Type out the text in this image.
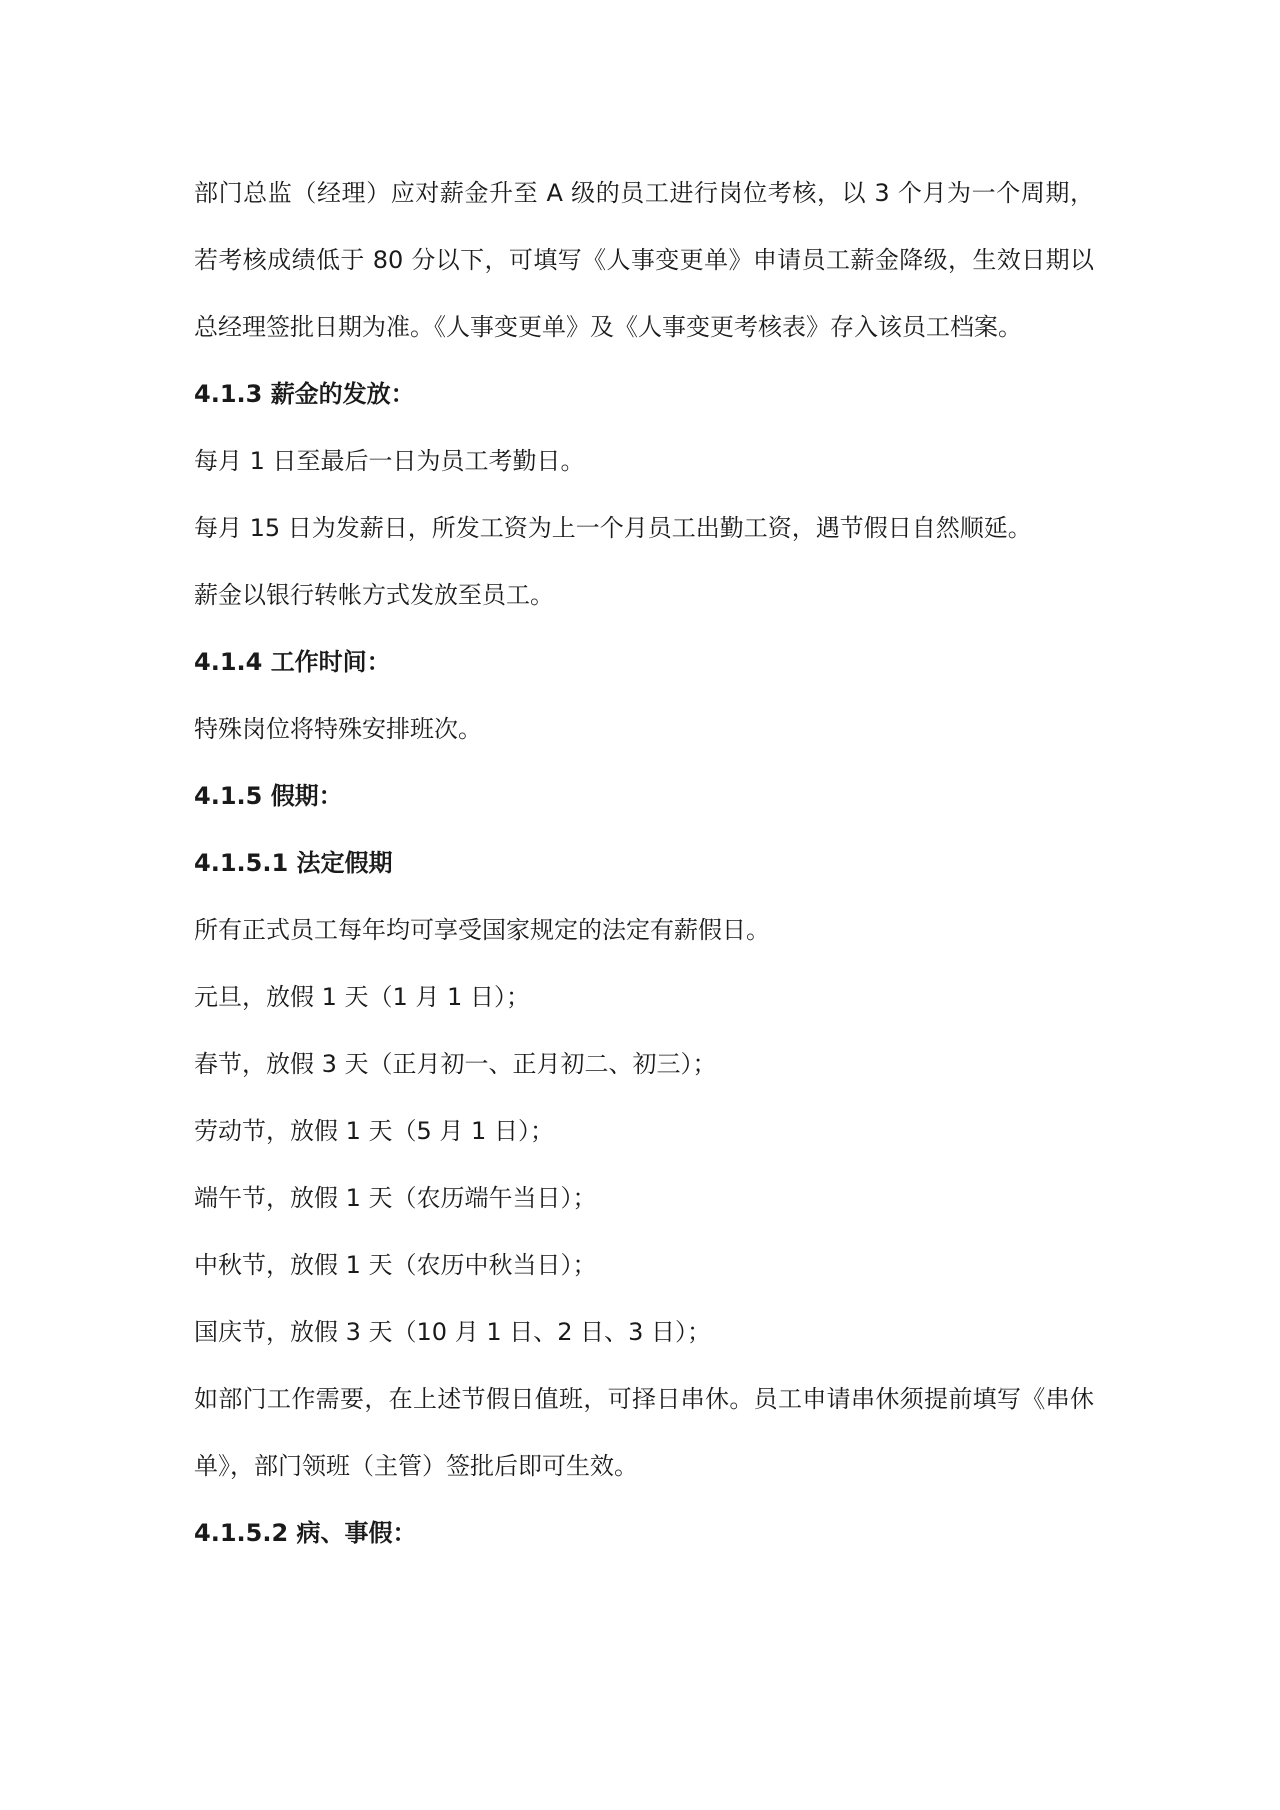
部门总监（经理）应对薪金升至 A 级的员工进行岗位考核，以 3 个月为一个周期，若考核成绩低于 80 分以下，可填写《人事变更单》申请员工薪金降级，生效日期以总经理签批日期为准。《人事变更单》及《人事变更考核表》存入该员工档案。

4.1.3 薪金的发放：

每月 1 日至最后一日为员工考勤日。

每月 15 日为发薪日，所发工资为上一个月员工出勤工资，遇节假日自然顺延。

薪金以银行转帐方式发放至员工。

4.1.4 工作时间：

特殊岗位将特殊安排班次。

4.1.5 假期：

4.1.5.1 法定假期

所有正式员工每年均可享受国家规定的法定有薪假日。

元旦，放假 1 天（1 月 1 日）；

春节，放假 3 天（正月初一、正月初二、初三）；

劳动节，放假 1 天（5 月 1 日）；

端午节，放假 1 天（农历端午当日）；

中秋节，放假 1 天（农历中秋当日）；

国庆节，放假 3 天（10 月 1 日、2 日、3 日）；

如部门工作需要，在上述节假日值班，可择日串休。员工申请串休须提前填写《串休单》，部门领班（主管）签批后即可生效。

4.1.5.2 病、事假：
